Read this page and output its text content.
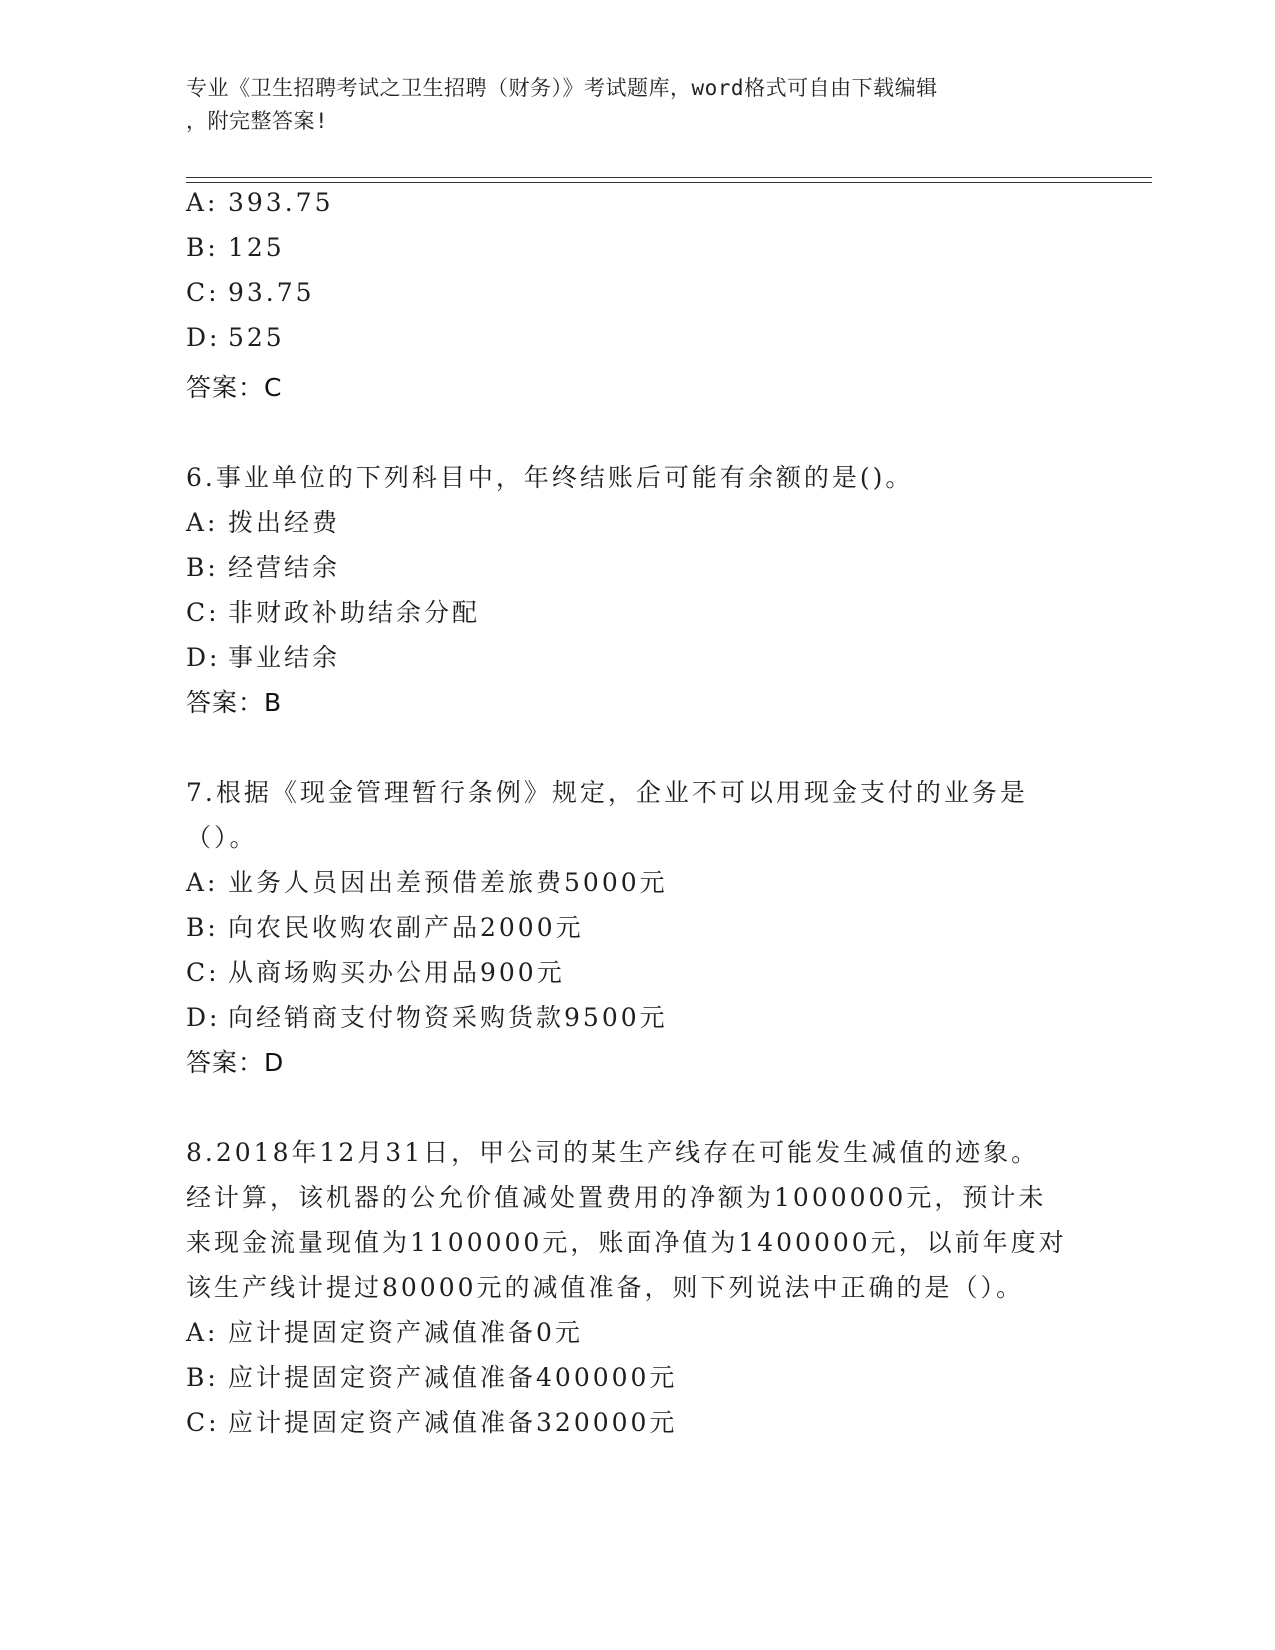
专业《卫生招聘考试之卫生招聘（财务）》考试题库，word格式可自由下载编辑
，附完整答案!
A: 393.75
B: 125
C: 93.75
D: 525
答案：C
6.事业单位的下列科目中，年终结账后可能有余额的是()。
A: 拨出经费
B: 经营结余
C: 非财政补助结余分配
D: 事业结余
答案：B
7.根据《现金管理暂行条例》规定，企业不可以用现金支付的业务是
（）。
A: 业务人员因出差预借差旅费5000元
B: 向农民收购农副产品2000元
C: 从商场购买办公用品900元
D: 向经销商支付物资采购货款9500元
答案：D
8.2018年12月31日，甲公司的某生产线存在可能发生减值的迹象。
经计算，该机器的公允价值减处置费用的净额为1000000元，预计未
来现金流量现值为1100000元，账面净值为1400000元，以前年度对
该生产线计提过80000元的减值准备，则下列说法中正确的是（）。
A: 应计提固定资产减值准备0元
B: 应计提固定资产减值准备400000元
C: 应计提固定资产减值准备320000元
